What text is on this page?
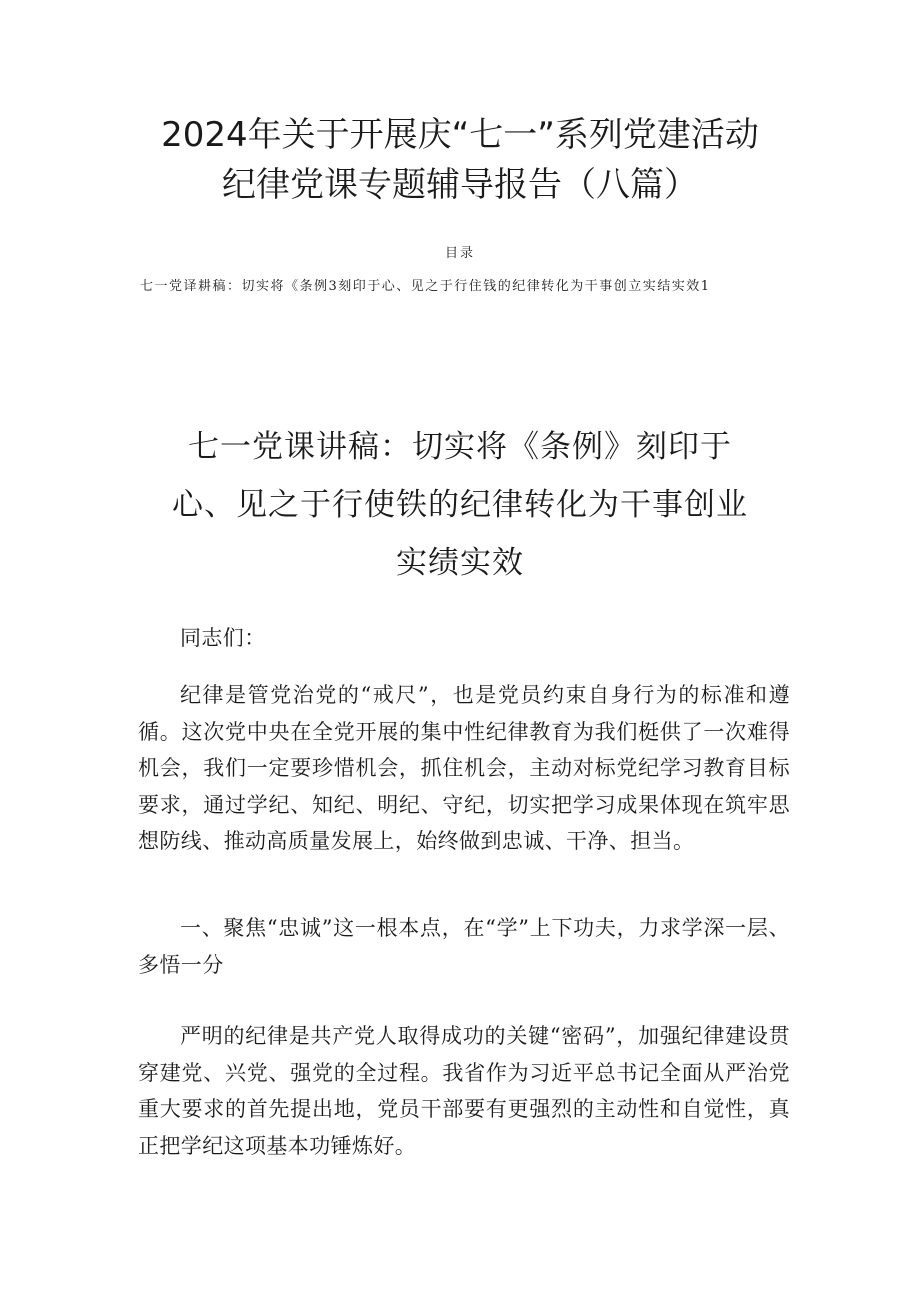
2024年关于开展庆“七一”系列党建活动
纪律党课专题辅导报告（八篇）
目录
七一党译耕稿：切实将《条例3刻印于心、见之于行住钱的纪律转化为干事创立实结实效1
七一党课讲稿：切实将《条例》刻印于
心、见之于行使铁的纪律转化为干事创业
实绩实效

同志们：

纪律是管党治党的“戒尺”，也是党员约束自身行为的标准和遵循。这次党中央在全党开展的集中性纪律教育为我们梃供了一次难得机会，我们一定要珍惜机会，抓住机会，主动对标党纪学习教育目标要求，通过学纪、知纪、明纪、守纪，切实把学习成果体现在筑牢思想防线、推动高质量发展上，始终做到忠诚、干净、担当。

一、聚焦“忠诚”这一根本点，在“学”上下功夫，力求学深一层、多悟一分

严明的纪律是共产党人取得成功的关键“密码”，加强纪律建设贯穿建党、兴党、强党的全过程。我省作为习近平总书记全面从严治党重大要求的首先提出地，党员干部要有更强烈的主动性和自觉性，真正把学纪这项基本功锤炼好。
